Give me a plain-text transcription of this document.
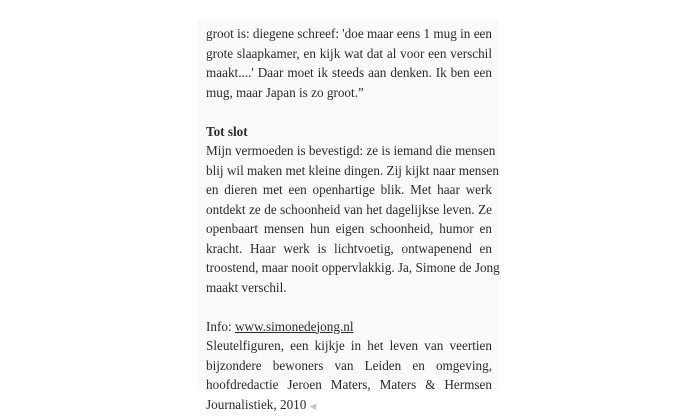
groot is: diegene schreef: 'doe maar eens 1 mug in een
grote slaapkamer, en kijk wat dat al voor een verschil
maakt....' Daar moet ik steeds aan denken. Ik ben een
mug, maar Japan is zo groot.”

Tot slot

Mijn vermoeden is bevestigd: ze is iemand die mensen
blij wil maken met kleine dingen. Zij kijkt naar mensen
en dieren met een openhartige blik. Met haar werk
ontdekt ze de schoonheid van het dagelijkse leven. Ze
openbaart mensen hun eigen schoonheid, humor en
kracht. Haar werk is lichtvoetig, ontwapenend en
troostend, maar nooit oppervlakkig. Ja, Simone de Jong
maakt verschil.

Info: www.simonedejong.nl
Sleutelfiguren, een kijkje in het leven van veertien
bijzondere bewoners van Leiden en omgeving,
hoofdredactie Jeroen Maters, Maters & Hermsen
Journalistiek, 2010 ◀
